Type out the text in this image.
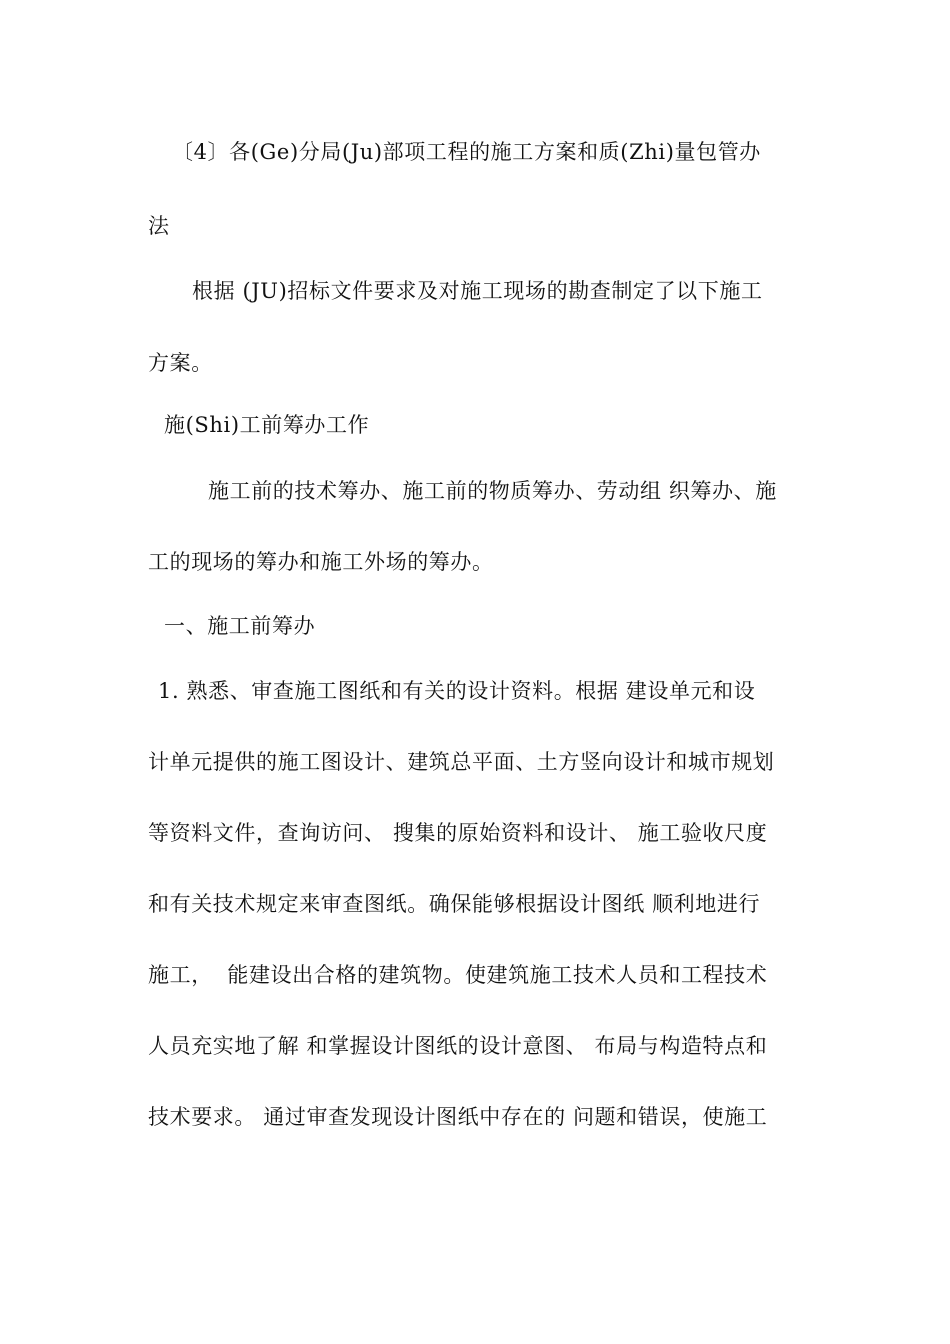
〔4〕各(Ge)分局(Ju)部项工程的施工方案和质(Zhi)量包管办
法
根据 (JU)招标文件要求及对施工现场的勘查制定了以下施工
方案。
施(Shi)工前筹办工作
施工前的技术筹办、施工前的物质筹办、劳动组 织筹办、施
工的现场的筹办和施工外场的筹办。
一、施工前筹办
1. 熟悉、审查施工图纸和有关的设计资料。根据 建设单元和设
计单元提供的施工图设计、建筑总平面、土方竖向设计和城市规划
等资料文件，查询访问、 搜集的原始资料和设计、 施工验收尺度
和有关技术规定来审查图纸。确保能够根据设计图纸 顺利地进行
施工，  能建设出合格的建筑物。使建筑施工技术人员和工程技术
人员充实地了解 和掌握设计图纸的设计意图、 布局与构造特点和
技术要求。 通过审查发现设计图纸中存在的 问题和错误，使施工
